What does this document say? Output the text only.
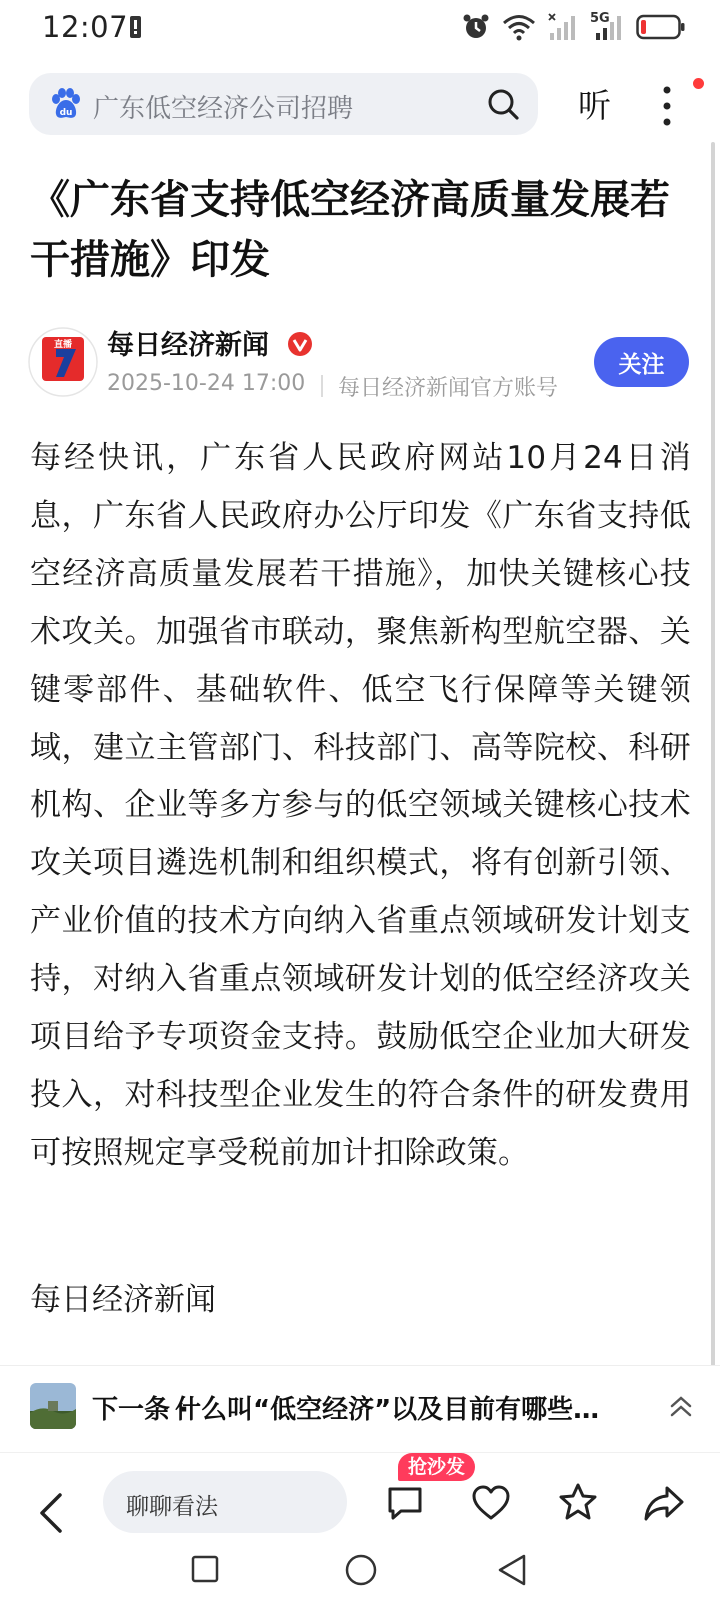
12:07	5G
du 广东低空经济公司招聘	听
《广东省支持低空经济高质量发展若干措施》印发
直播 每日经济新闻
2025-10-24 17:00 每日经济新闻官方账号
关注

每经快讯，广东省人民政府网站10月24日消息，广东省人民政府办公厅印发《广东省支持低空经济高质量发展若干措施》，加快关键核心技术攻关。加强省市联动，聚焦新构型航空器、关键零部件、基础软件、低空飞行保障等关键领域，建立主管部门、科技部门、高等院校、科研机构、企业等多方参与的低空领域关键核心技术攻关项目遴选机制和组织模式，将有创新引领、产业价值的技术方向纳入省重点领域研发计划支持，对纳入省重点领域研发计划的低空经济攻关项目给予专项资金支持。鼓励低空企业加大研发投入，对科技型企业发生的符合条件的研发费用可按照规定享受税前加计扣除政策。

每日经济新闻
下一条 ·
什么叫“低空经济”以及目前有哪些…
聊聊看法
抢沙发
